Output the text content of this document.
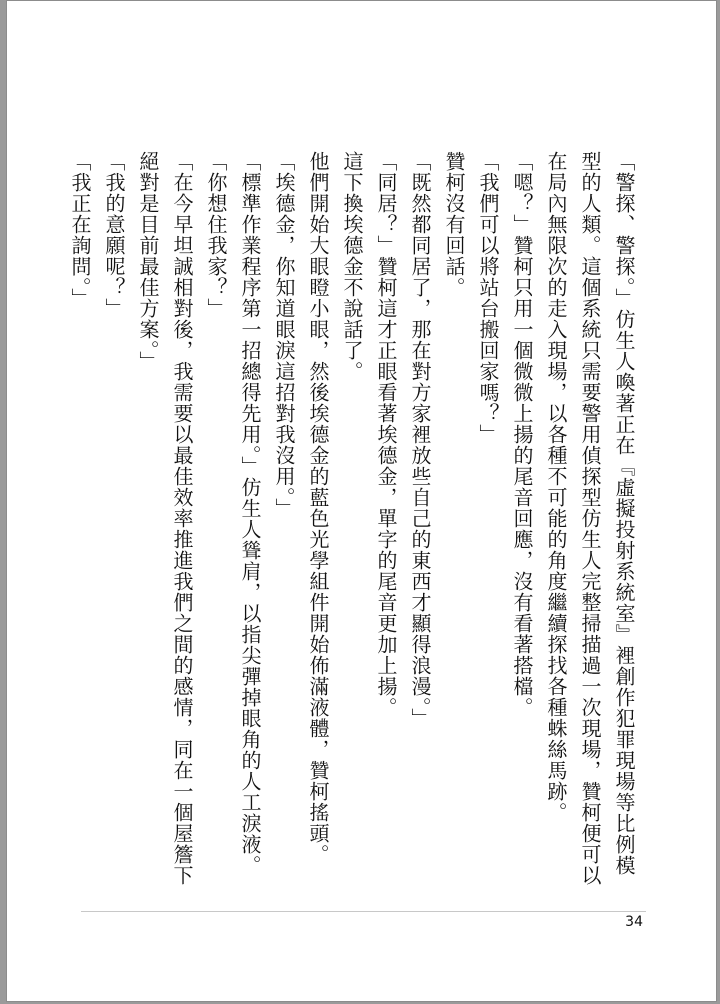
「警探、警探。」仿生人喚著正在『虛擬投射系統室』裡創作犯罪現場等比例模型的人類。這個系統只需要警用偵探型仿生人完整掃描過一次現場，贊柯便可以在局內無限次的走入現場，以各種不可能的角度繼續探找各種蛛絲馬跡。

「嗯？」贊柯只用一個微微上揚的尾音回應，沒有看著搭檔。

「我們可以將站台搬回家嗎？」

贊柯沒有回話。

「既然都同居了，那在對方家裡放些自己的東西才顯得浪漫。」

「同居？」贊柯這才正眼看著埃德金，單字的尾音更加上揚。

這下換埃德金不說話了。

他們開始大眼瞪小眼，然後埃德金的藍色光學組件開始佈滿液體，贊柯搖頭。

「埃德金，你知道眼淚這招對我沒用。」

「標準作業程序第一招總得先用。」仿生人聳肩，以指尖彈掉眼角的人工淚液。

「你想住我家？」

「在今早坦誠相對後，我需要以最佳效率推進我們之間的感情，同在一個屋簷下絕對是目前最佳方案。」

「我的意願呢？」

「我正在詢問。」

34
